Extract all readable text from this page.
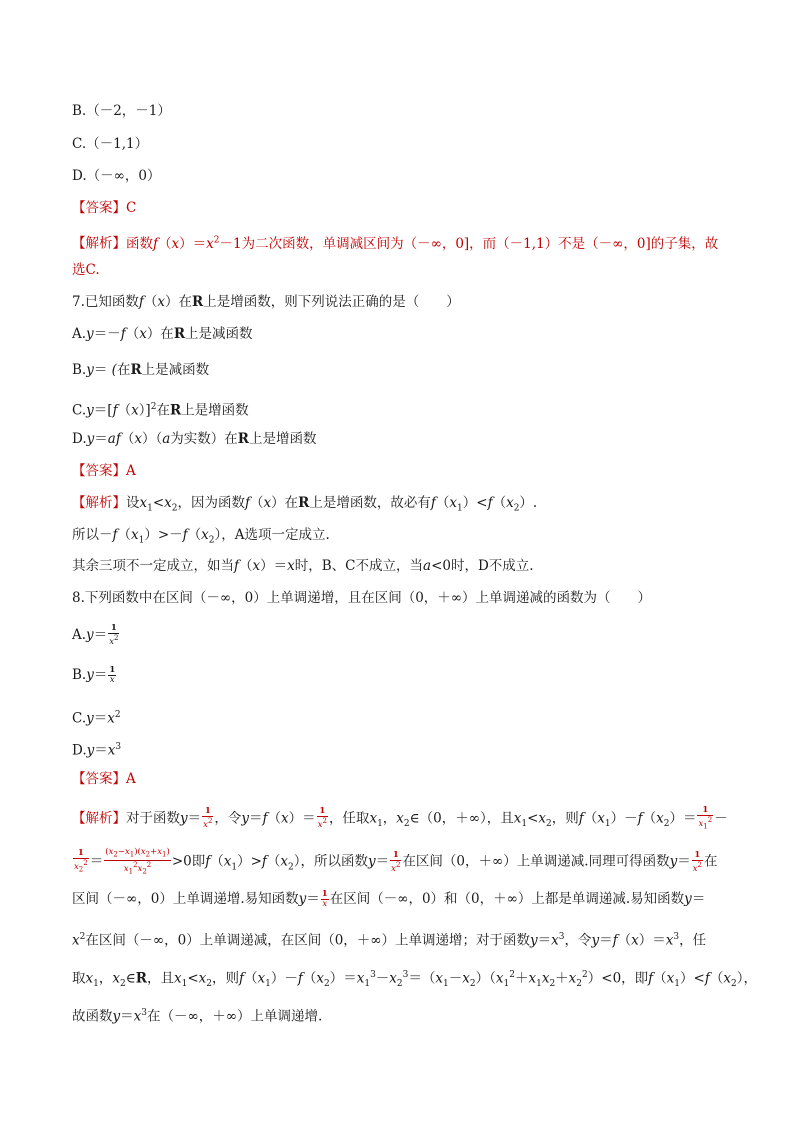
B.（－2，－1）
C.（－1,1）
D.（－∞，0）
【答案】C
【解析】函数$f(x)=x^2-1$为二次函数，单调减区间为（－∞，0]，而（－1,1）不是（－∞，0]的子集，故
选C.
7.已知函数f（x）在R上是增函数，则下列说法正确的是（　　）
A.y＝－f（x）在R上是减函数
B.y＝ (在R上是减函数
$C.y=[f(x)]^2$在R上是增函数
D.y＝af（x）（a为实数）在R上是增函数
【答案】A
【解析】设$x_1<x_2$，因为函数f（x）在R上是增函数，故必有$f(x_1)<f(x_2)$.
所以$-f(x_1)>-f(x_2)$，A选项一定成立.
其余三项不一定成立，如当f（x）＝x时，B、C不成立，当a<0时，D不成立.
8.下列函数中在区间（－∞，0）上单调递增，且在区间（0，＋∞）上单调递减的函数为（　　）
$A.y= \frac{1}{x^2}$
$B.y= \frac{1}{x}$
$C.y=x^2$
$D.y=x^3$
【答案】A
【解析】对于函数$y= \frac{1}{x^2}$ ，令$y=f(x)= \frac{1}{x^2}$ ，任取$x_1$，$x_2\in(0$，＋∞），且$x_1<x_2$，则$f(x_1)-f(x_2)= \frac{1}{x_1^2}$ －
$\frac{1}{x_2^2} = \frac{(x_2-x_1)(x_2+x_1)}{x_1^2x_2^2} >0$即$f(x_1)>f(x_2)$，所以函数$y= \frac{1}{x^2}$ 在区间（0，＋∞）上单调递减.同理可得函数$y= \frac{1}{x^2}$ 在
区间（－∞，0）上单调递增.易知函数$y= \frac{1}{x}$ 在区间（－∞，0）和（0，＋∞）上都是单调递减.易知函数y＝
$x^2$在区间（－∞，0）上单调递减，在区间（0，＋∞）上单调递增；对于函数$y=x^3$，令$y=f(x)=x^3$，任
取$x_1$，$x_2\in R$，且$x_1<x_2$，则$f(x_1)-f(x_2)=x_1^3-x_2^3=(x_1-x_2)(x_1^2+x_1x_2+x_2^2)<0$，即$f(x_1)<f(x_2)$，
故函数$y=x^3$在（－∞，＋∞）上单调递增.
